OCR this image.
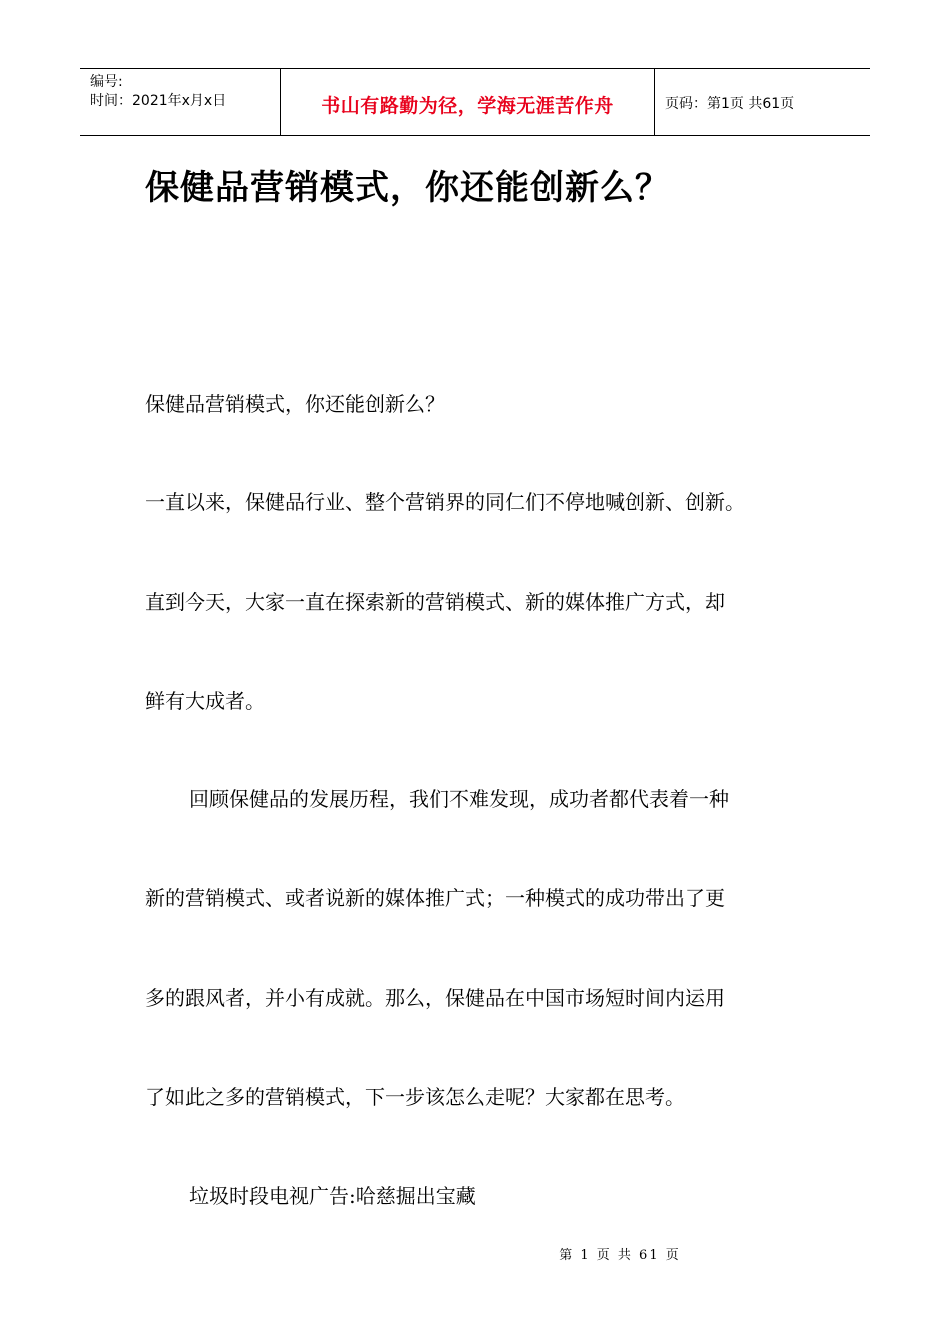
编号:
时间：2021年x月x日	书山有路勤为径，学海无涯苦作舟	页码：第1页 共61页
保健品营销模式，你还能创新么？

保健品营销模式，你还能创新么？

一直以来，保健品行业、整个营销界的同仁们不停地喊创新、创新。

直到今天，大家一直在探索新的营销模式、新的媒体推广方式，却

鲜有大成者。

回顾保健品的发展历程，我们不难发现，成功者都代表着一种

新的营销模式、或者说新的媒体推广式；一种模式的成功带出了更

多的跟风者，并小有成就。那么，保健品在中国市场短时间内运用

了如此之多的营销模式，下一步该怎么走呢？大家都在思考。

垃圾时段电视广告:哈慈掘出宝藏

第 1 页 共 61 页
